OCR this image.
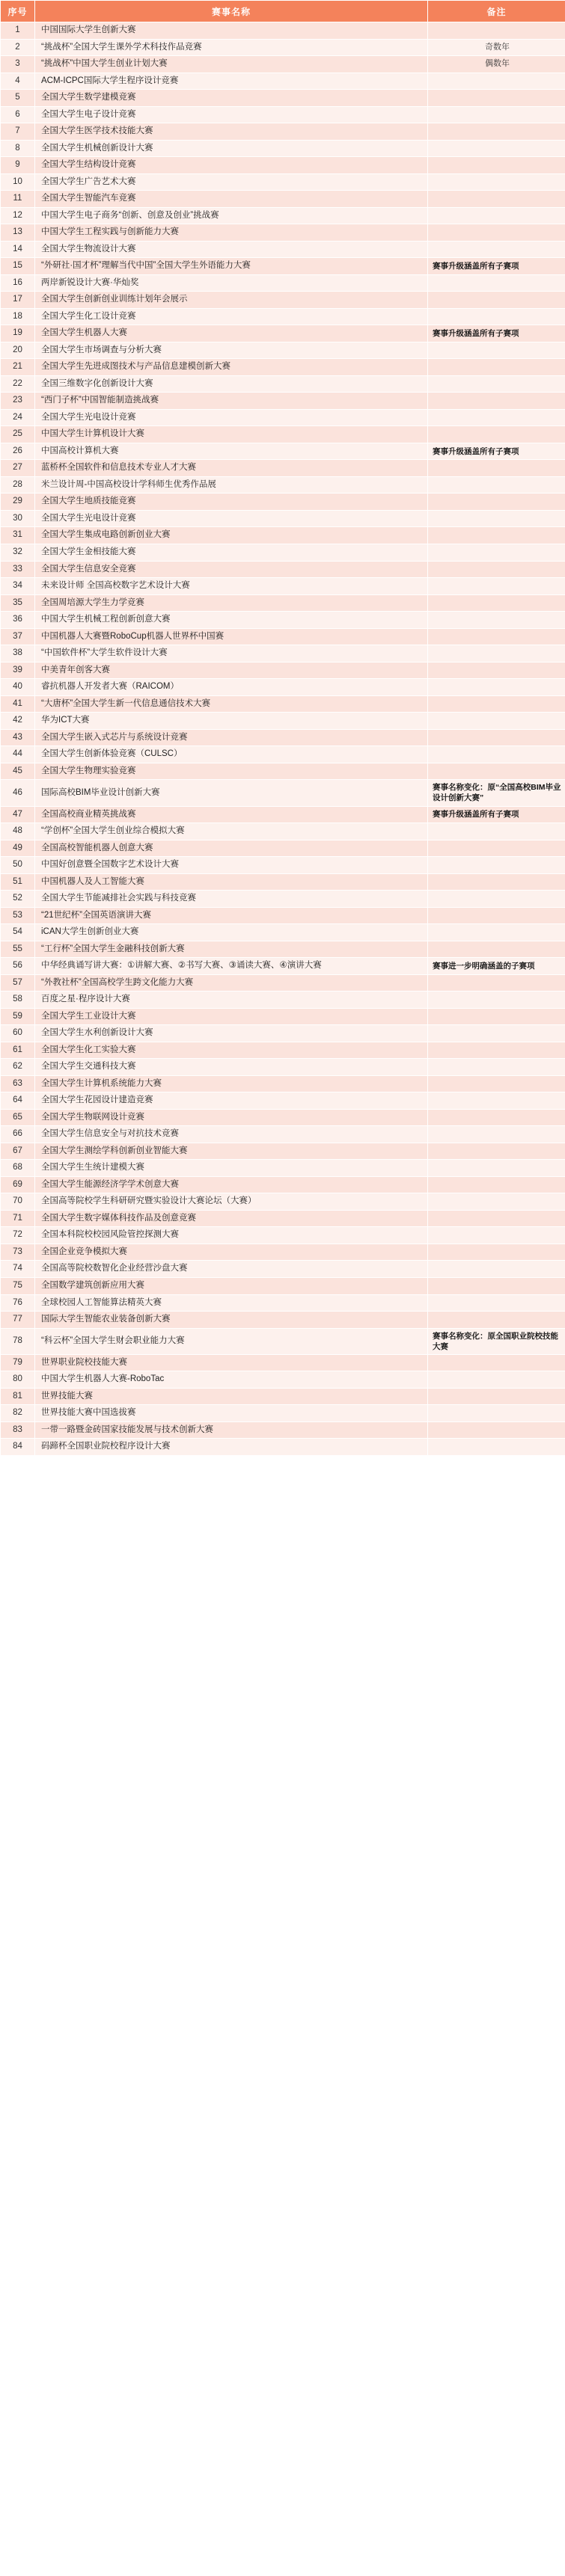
序号	赛事名称	备注
1	中国国际大学生创新大赛	
2	“挑战杯”全国大学生课外学术科技作品竞赛	奇数年
3	“挑战杯”中国大学生创业计划大赛	偶数年
4	ACM-ICPC国际大学生程序设计竞赛	
5	全国大学生数学建模竞赛	
6	全国大学生电子设计竞赛	
7	全国大学生医学技术技能大赛	
8	全国大学生机械创新设计大赛	
9	全国大学生结构设计竞赛	
10	全国大学生广告艺术大赛	
11	全国大学生智能汽车竞赛	
12	中国大学生电子商务“创新、创意及创业”挑战赛	
13	中国大学生工程实践与创新能力大赛	
14	全国大学生物流设计大赛	
15	“外研社·国才杯”理解当代中国”全国大学生外语能力大赛	赛事升级涵盖所有子赛项
16	两岸新锐设计大赛·华灿奖	
17	全国大学生创新创业训练计划年会展示	
18	全国大学生化工设计竞赛	
19	全国大学生机器人大赛	赛事升级涵盖所有子赛项
20	全国大学生市场调查与分析大赛	
21	全国大学生先进成图技术与产品信息建模创新大赛	
22	全国三维数字化创新设计大赛	
23	“西门子杯”中国智能制造挑战赛	
24	全国大学生光电设计竞赛	
25	中国大学生计算机设计大赛	
26	中国高校计算机大赛	赛事升级涵盖所有子赛项
27	蓝桥杯全国软件和信息技术专业人才大赛	
28	米兰设计周-中国高校设计学科师生优秀作品展	
29	全国大学生地质技能竞赛	
30	全国大学生光电设计竞赛	
31	全国大学生集成电路创新创业大赛	
32	全国大学生金相技能大赛	
33	全国大学生信息安全竞赛	
34	未来设计师 全国高校数字艺术设计大赛	
35	全国周培源大学生力学竞赛	
36	中国大学生机械工程创新创意大赛	
37	中国机器人大赛暨RoboCup机器人世界杯中国赛	
38	“中国软件杯”大学生软件设计大赛	
39	中美青年创客大赛	
40	睿抗机器人开发者大赛（RAICOM）	
41	“大唐杯”全国大学生新一代信息通信技术大赛	
42	华为ICT大赛	
43	全国大学生嵌入式芯片与系统设计竞赛	
44	全国大学生创新体验竞赛（CULSC）	
45	全国大学生物理实验竞赛	
46	国际高校BIM毕业设计创新大赛	赛事名称变化：原“全国高校BIM毕业设计创新大赛”
47	全国高校商业精英挑战赛	赛事升级涵盖所有子赛项
48	“学创杯”全国大学生创业综合模拟大赛	
49	全国高校智能机器人创意大赛	
50	中国好创意暨全国数字艺术设计大赛	
51	中国机器人及人工智能大赛	
52	全国大学生节能减排社会实践与科技竞赛	
53	“21世纪杯”全国英语演讲大赛	
54	iCAN大学生创新创业大赛	
55	“工行杯”全国大学生金融科技创新大赛	
56	中华经典诵写讲大赛：①讲解大赛、②书写大赛、③诵读大赛、④演讲大赛	赛事进一步明确涵盖的子赛项
57	“外教社杯”全国高校学生跨文化能力大赛	
58	百度之星·程序设计大赛	
59	全国大学生工业设计大赛	
60	全国大学生水利创新设计大赛	
61	全国大学生化工实验大赛	
62	全国大学生交通科技大赛	
63	全国大学生计算机系统能力大赛	
64	全国大学生花园设计建造竞赛	
65	全国大学生物联网设计竞赛	
66	全国大学生信息安全与对抗技术竞赛	
67	全国大学生测绘学科创新创业智能大赛	
68	全国大学生生统计建模大赛	
69	全国大学生能源经济学学术创意大赛	
70	全国高等院校学生科研研究暨实验设计大赛论坛（大赛）	
71	全国大学生数字媒体科技作品及创意竞赛	
72	全国本科院校校园风险管控探测大赛	
73	全国企业竞争模拟大赛	
74	全国高等院校数智化企业经营沙盘大赛	
75	全国数学建筑创新应用大赛	
76	全球校园人工智能算法精英大赛	
77	国际大学生智能农业装备创新大赛	
78	“科云杯”全国大学生财会职业能力大赛	赛事名称变化：原全国职业院校技能大赛
79	世界职业院校技能大赛	
80	中国大学生机器人大赛-RoboTac	
81	世界技能大赛	
82	世界技能大赛中国选拔赛	
83	一带一路暨金砖国家技能发展与技术创新大赛	
84	码蹄杯全国职业院校程序设计大赛	
